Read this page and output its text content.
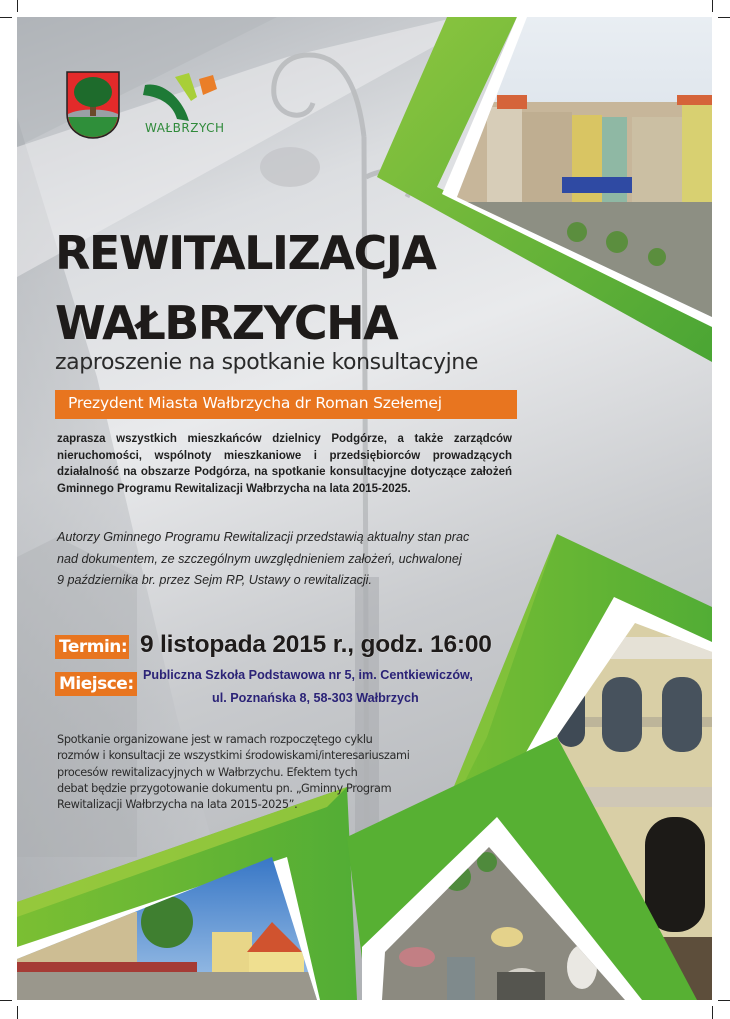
WAŁBRZYCH
REWITALIZACJA
WAŁBRZYCHA
zaproszenie na spotkanie konsultacyjne
Prezydent Miasta Wałbrzycha dr Roman Szełemej
zaprasza wszystkich mieszkańców dzielnicy Podgórze, a także zarządców
nieruchomości, wspólnoty mieszkaniowe i przedsiębiorców prowadzących
działalność na obszarze Podgórza, na spotkanie konsultacyjne dotyczące założeń
Gminnego Programu Rewitalizacji Wałbrzycha na lata 2015-2025.
Autorzy Gminnego Programu Rewitalizacji przedstawią aktualny stan prac
nad dokumentem, ze szczególnym uwzględnieniem założeń, uchwalonej
9 października br. przez Sejm RP, Ustawy o rewitalizacji.
Termin: 9 listopada 2015 r., godz. 16:00
Miejsce: Publiczna Szkoła Podstawowa nr 5, im. Centkiewiczów,
ul. Poznańska 8, 58-303 Wałbrzych
Spotkanie organizowane jest w ramach rozpoczętego cyklu
rozmów i konsultacji ze wszystkimi środowiskami/interesariuszami
procesów rewitalizacyjnych w Wałbrzychu. Efektem tych
debat będzie przygotowanie dokumentu pn. „Gminny Program
Rewitalizacji Wałbrzycha na lata 2015-2025”.
